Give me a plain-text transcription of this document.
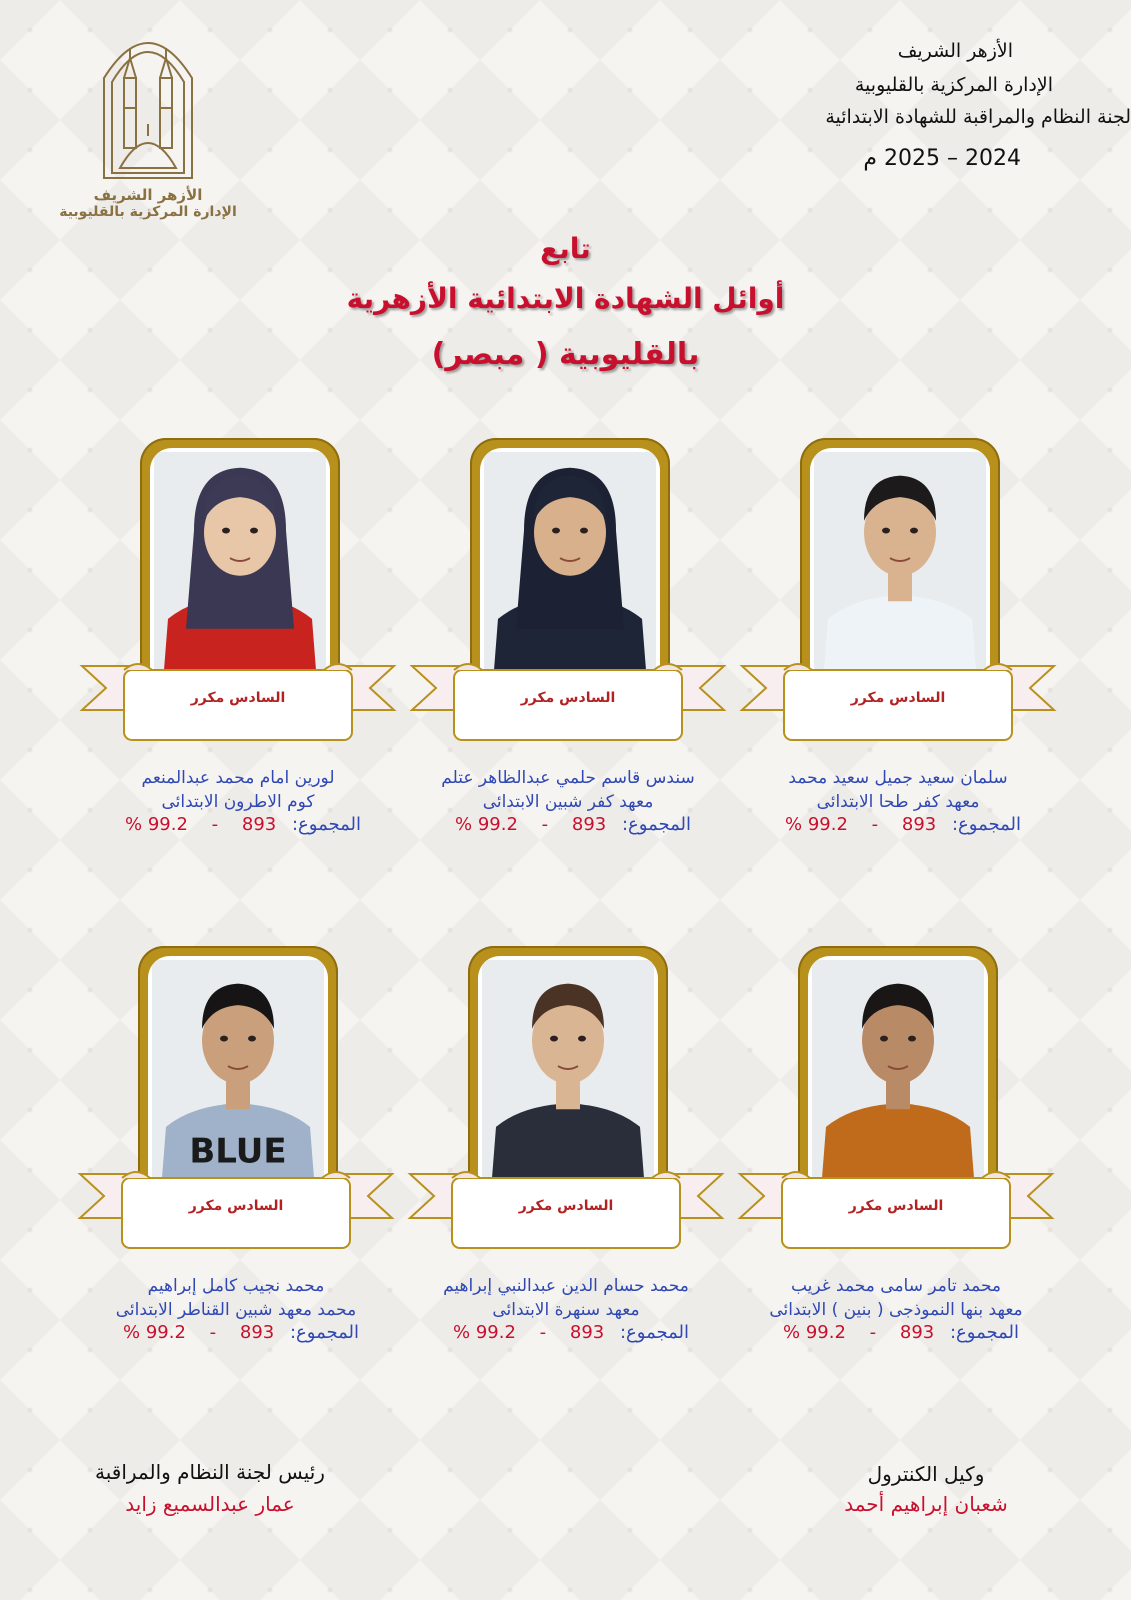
الأزهر الشريف
الإدارة المركزية بالقليوبية
الأزهر الشريف
الإدارة المركزية بالقليوبية
لجنة النظام والمراقبة للشهادة الابتدائية
2024 – 2025 م
تابع
أوائل الشهادة الابتدائية الأزهرية
بالقليوبية ( مبصر)
السادس مكرر
سلمان سعيد جميل سعيد محمد
معهد كفر طحا الابتدائى
المجموع: 893 - 99.2 %
السادس مكرر
سندس قاسم حلمي عبدالظاهر عتلم
معهد كفر شبين الابتدائى
المجموع: 893 - 99.2 %
السادس مكرر
لورين امام محمد عبدالمنعم
كوم الاطرون الابتدائى
المجموع: 893 - 99.2 %
السادس مكرر
محمد تامر سامى محمد غريب
معهد بنها النموذجى ( بنين ) الابتدائى
المجموع: 893 - 99.2 %
السادس مكرر
محمد حسام الدين عبدالنبي إبراهيم
معهد سنهرة الابتدائى
المجموع: 893 - 99.2 %
BLUE
السادس مكرر
محمد نجيب كامل إبراهيم
محمد معهد شبين القناطر الابتدائى
المجموع: 893 - 99.2 %
وكيل الكنترول
شعبان إبراهيم أحمد
رئيس لجنة النظام والمراقبة
عمار عبدالسميع زايد
